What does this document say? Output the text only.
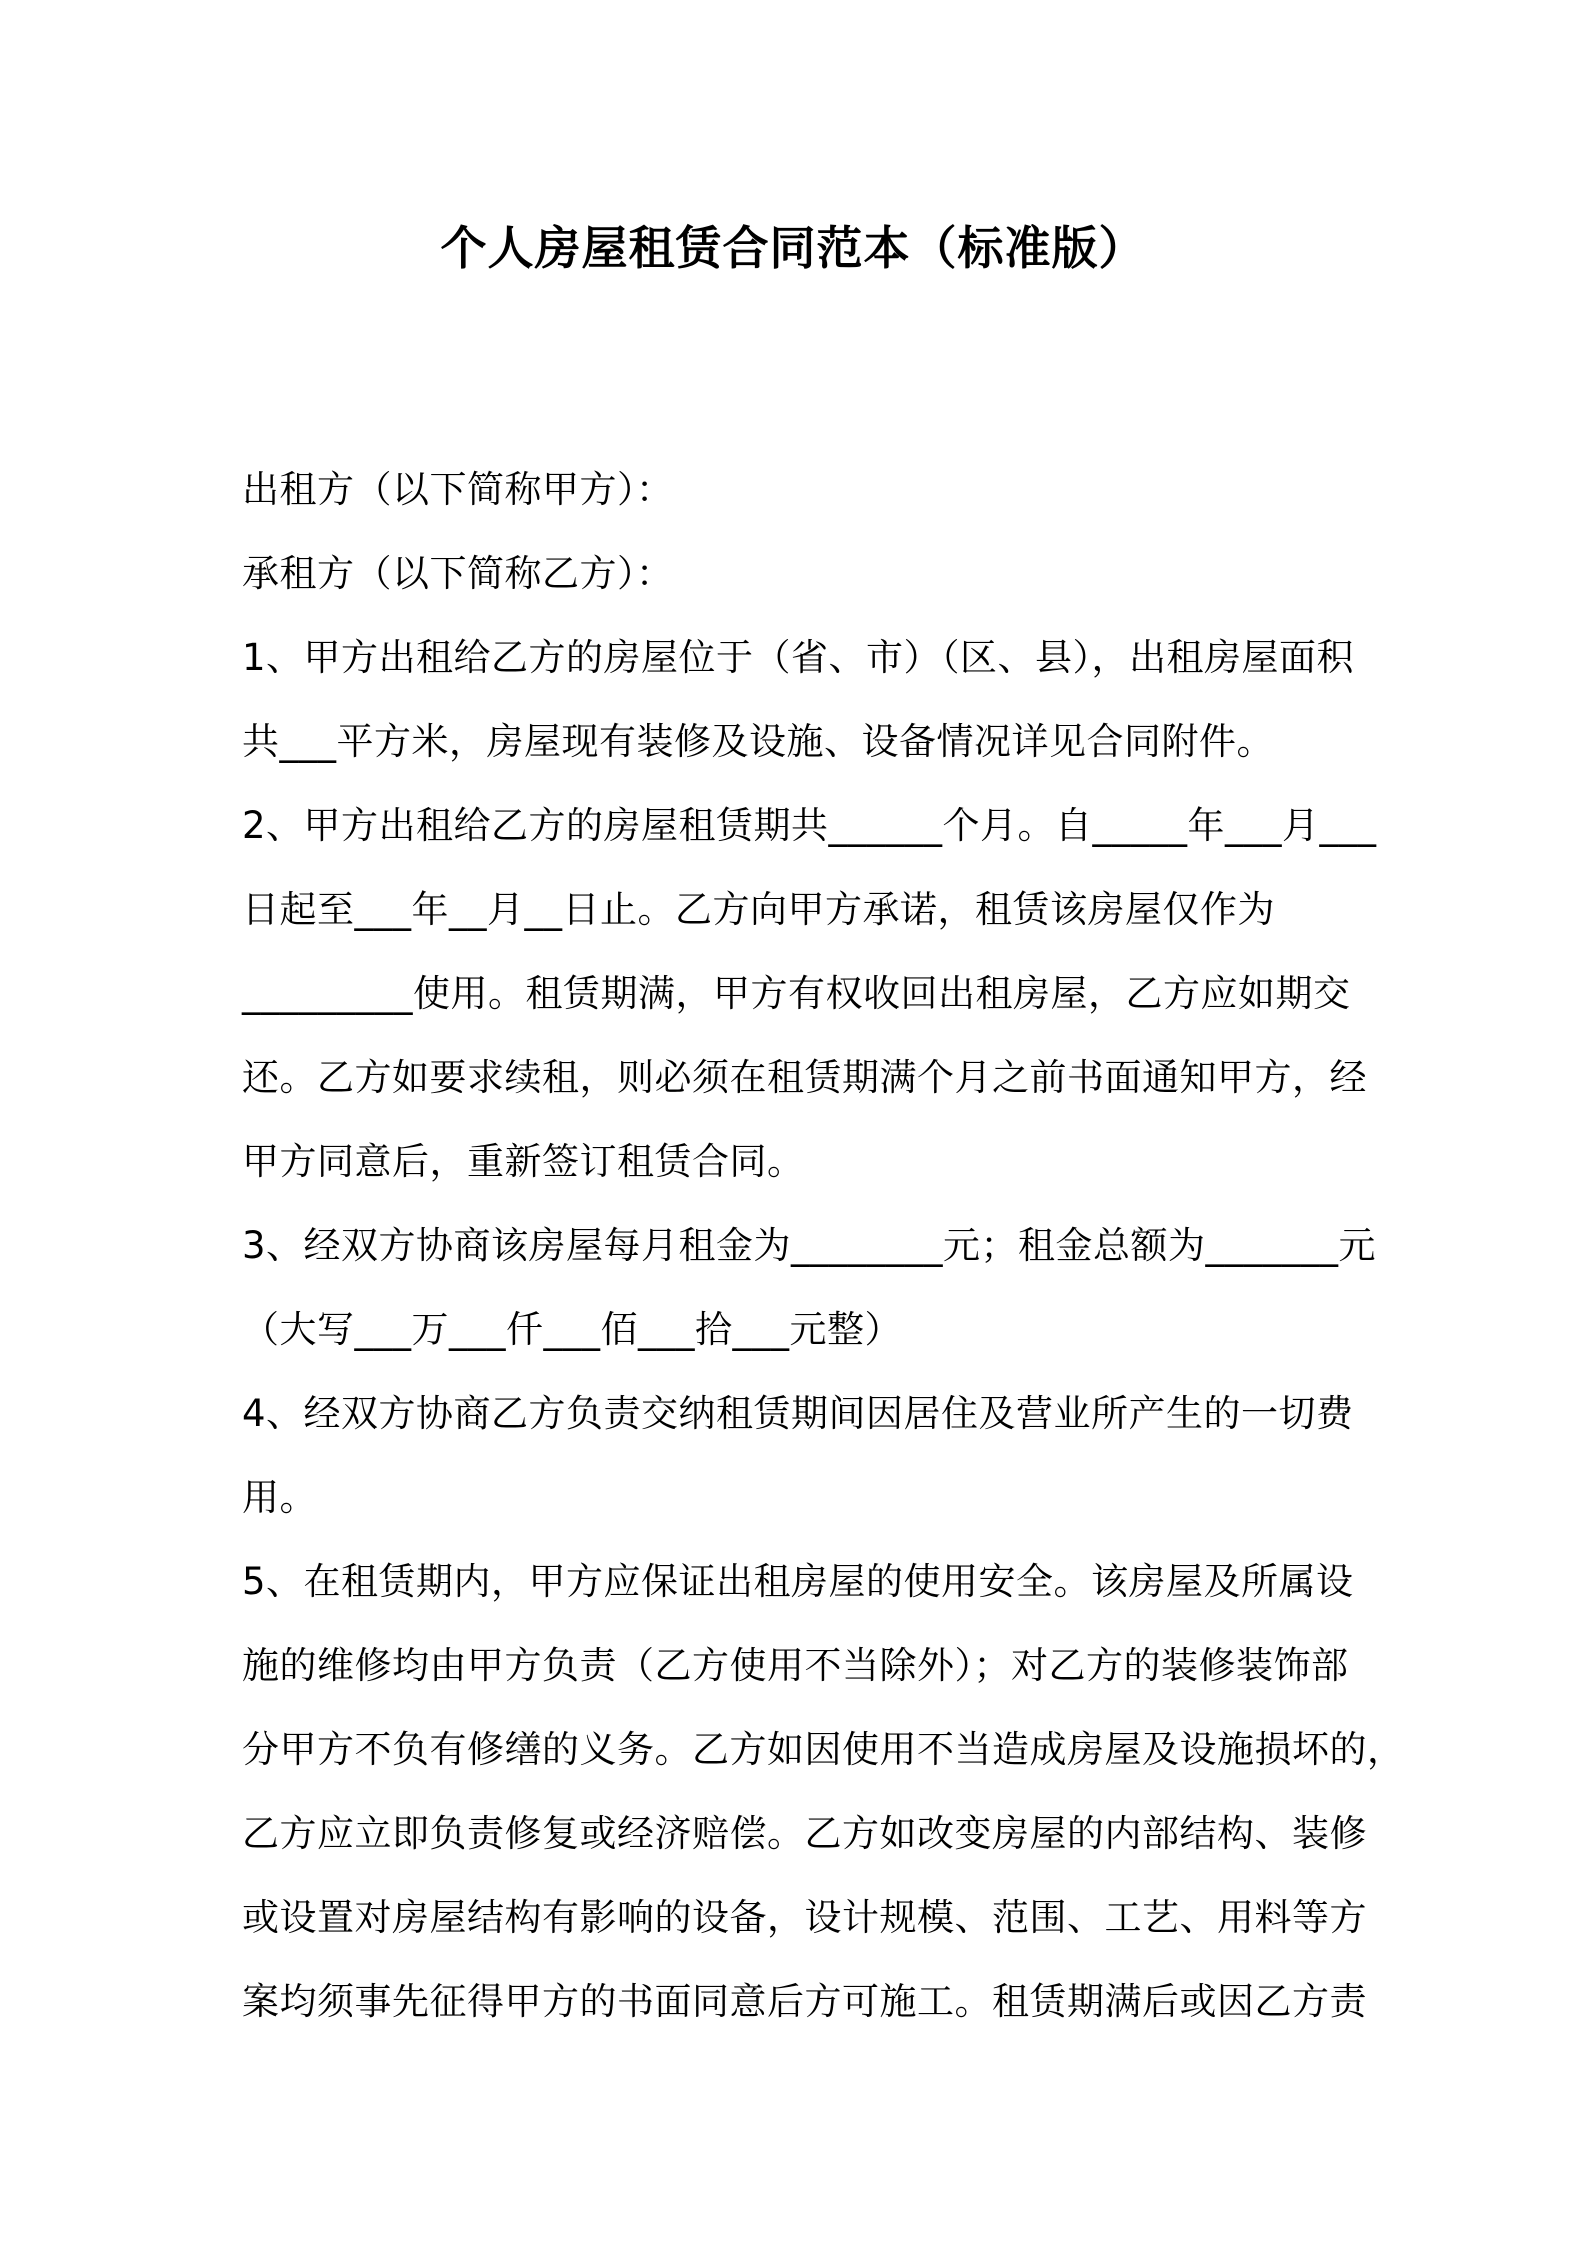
个人房屋租赁合同范本（标准版）
出租方（以下简称甲方）：
承租方（以下简称乙方）：
1、甲方出租给乙方的房屋位于（省、市）（区、县），出租房屋面积
共___平方米，房屋现有装修及设施、设备情况详见合同附件。
2、甲方出租给乙方的房屋租赁期共______个月。自_____年___月___
日起至___年__月__日止。乙方向甲方承诺，租赁该房屋仅作为
_________使用。租赁期满，甲方有权收回出租房屋，乙方应如期交
还。乙方如要求续租，则必须在租赁期满个月之前书面通知甲方，经
甲方同意后，重新签订租赁合同。
3、经双方协商该房屋每月租金为________元；租金总额为_______元
（大写___万___仟___佰___拾___元整）
4、经双方协商乙方负责交纳租赁期间因居住及营业所产生的一切费
用。
5、在租赁期内，甲方应保证出租房屋的使用安全。该房屋及所属设
施的维修均由甲方负责（乙方使用不当除外）；对乙方的装修装饰部
分甲方不负有修缮的义务。乙方如因使用不当造成房屋及设施损坏的，
乙方应立即负责修复或经济赔偿。乙方如改变房屋的内部结构、装修
或设置对房屋结构有影响的设备，设计规模、范围、工艺、用料等方
案均须事先征得甲方的书面同意后方可施工。租赁期满后或因乙方责
